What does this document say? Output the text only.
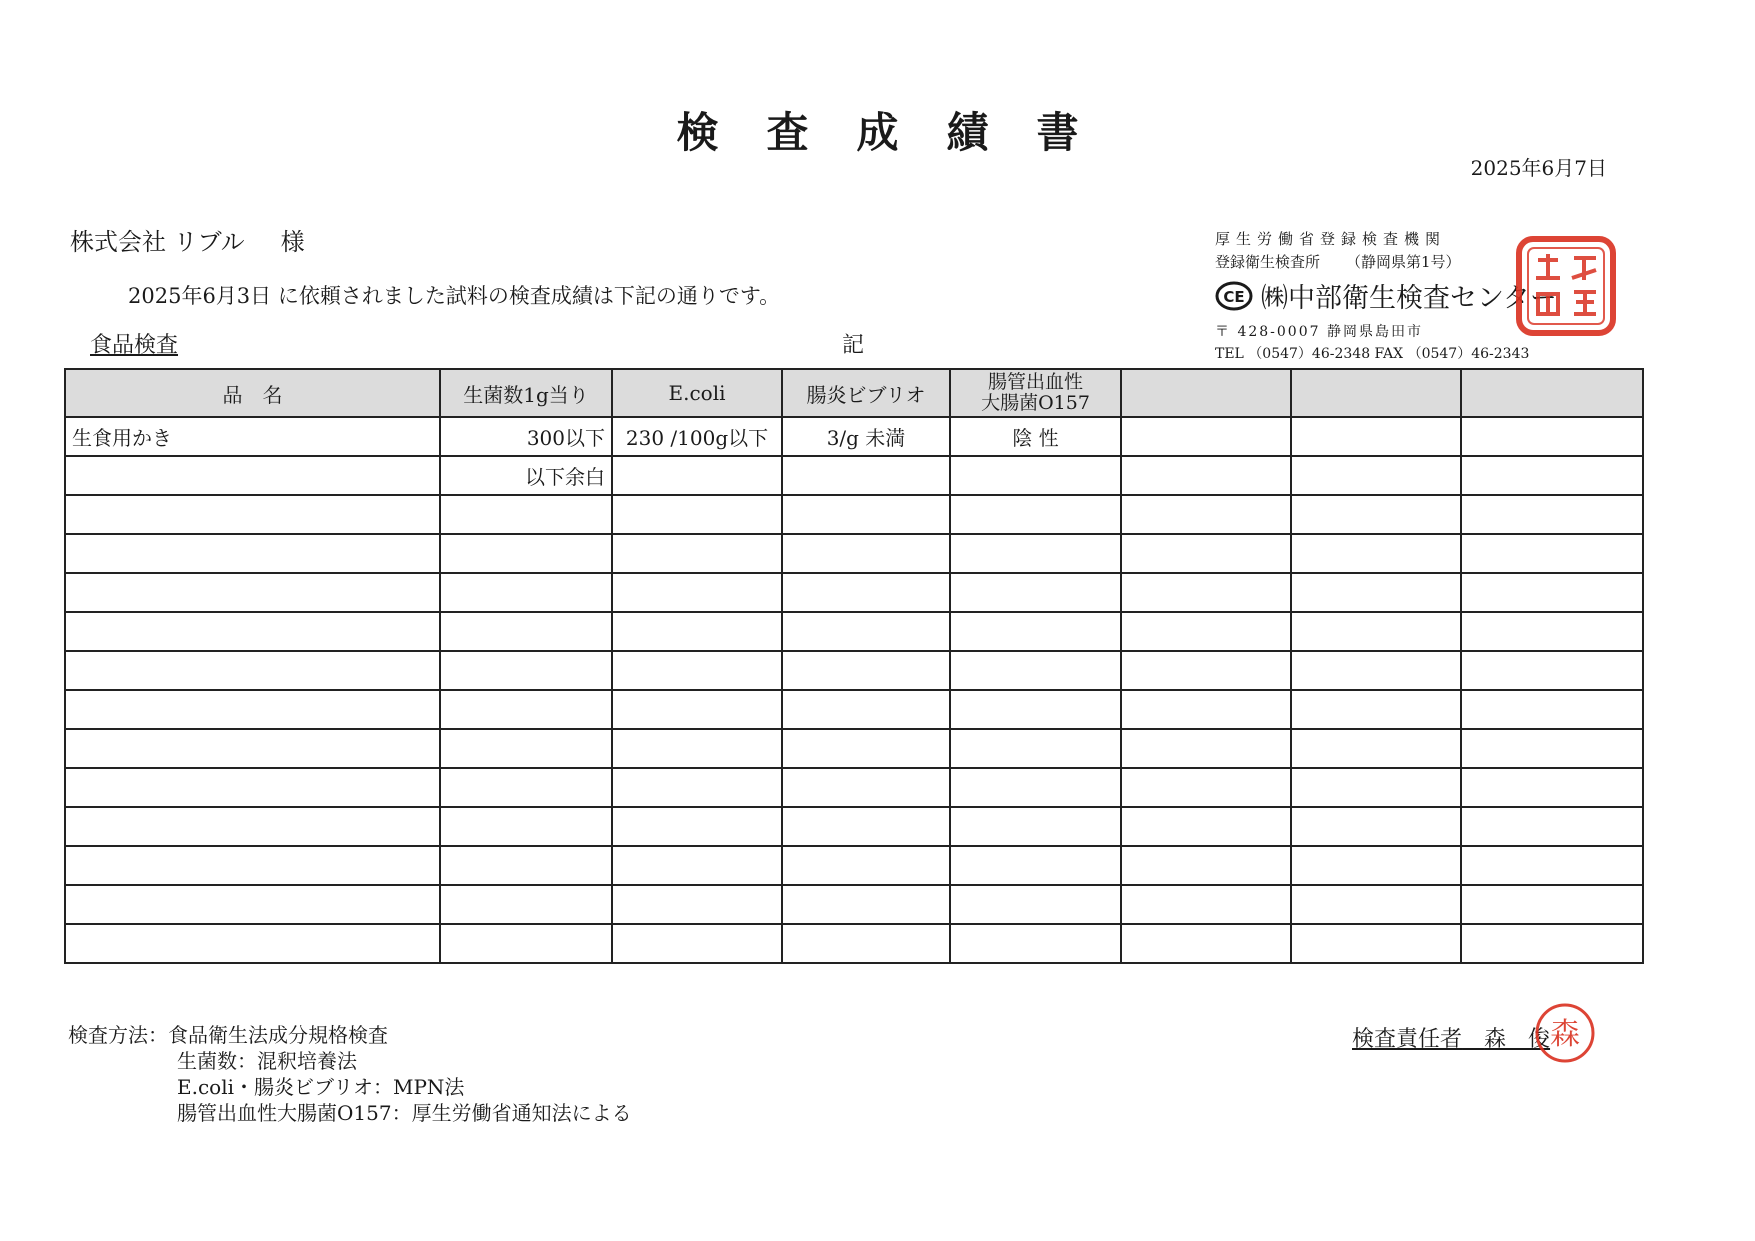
検査成績書
2025年6月7日
株式会社 リブル 様
2025年6月3日 に依頼されました試料の検査成績は下記の通りです。
食品検査	記
厚生労働省登録検査機関
登録衛生検査所 （静岡県第1号）
CE ㈱中部衛生検査センター
〒 428-0007 静岡県島田市
TEL （0547）46-2348 FAX （0547）46-2343
検査成績之印
品　名	生菌数1g当り	E.coli	腸炎ビブリオ	腸管出血性
大腸菌O157			

生食用かき	300以下	230 /100g以下	3/g 未満	陰 性			
	以下余白						

検査方法：食品衛生法成分規格検査
生菌数：混釈培養法
E.coli・腸炎ビブリオ：MPN法
腸管出血性大腸菌O157：厚生労働省通知法による
検査責任者　 森　俊 森
